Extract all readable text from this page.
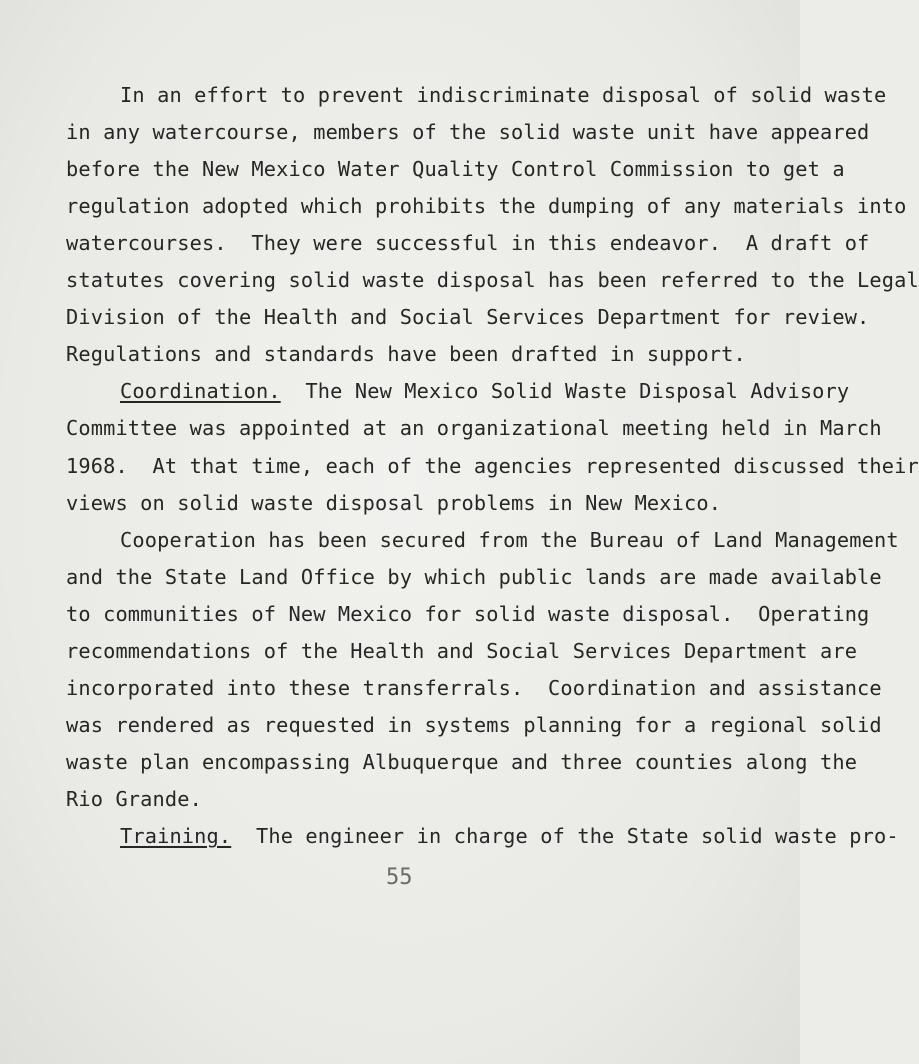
In an effort to prevent indiscriminate disposal of solid waste

in any watercourse, members of the solid waste unit have appeared

before the New Mexico Water Quality Control Commission to get a

regulation adopted which prohibits the dumping of any materials into

watercourses.  They were successful in this endeavor.  A draft of

statutes covering solid waste disposal has been referred to the Legal

Division of the Health and Social Services Department for review.

Regulations and standards have been drafted in support.

Coordination.  The New Mexico Solid Waste Disposal Advisory

Committee was appointed at an organizational meeting held in March

1968.  At that time, each of the agencies represented discussed their

views on solid waste disposal problems in New Mexico.

Cooperation has been secured from the Bureau of Land Management

and the State Land Office by which public lands are made available

to communities of New Mexico for solid waste disposal.  Operating

recommendations of the Health and Social Services Department are

incorporated into these transferrals.  Coordination and assistance

was rendered as requested in systems planning for a regional solid

waste plan encompassing Albuquerque and three counties along the

Rio Grande.

Training.  The engineer in charge of the State solid waste pro-

55
